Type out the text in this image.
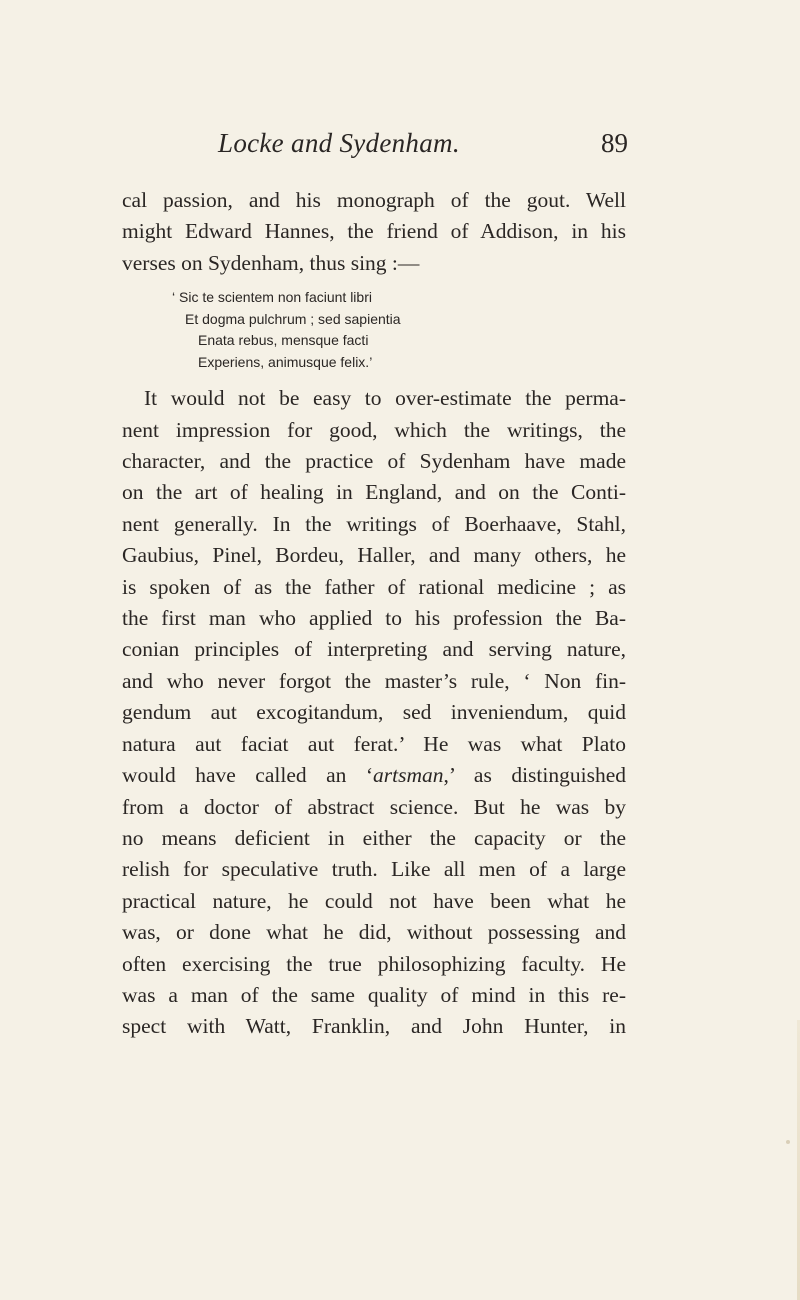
Locke and Sydenham.	89
cal passion, and his monograph of the gout. Well
might Edward Hannes, the friend of Addison, in his
verses on Sydenham, thus sing :—
‘ Sic te scientem non faciunt libri
Et dogma pulchrum ; sed sapientia
Enata rebus, mensque facti
Experiens, animusque felix.’
It would not be easy to over-estimate the perma-
nent impression for good, which the writings, the
character, and the practice of Sydenham have made
on the art of healing in England, and on the Conti-
nent generally. In the writings of Boerhaave, Stahl,
Gaubius, Pinel, Bordeu, Haller, and many others, he
is spoken of as the father of rational medicine ; as
the first man who applied to his profession the Ba-
conian principles of interpreting and serving nature,
and who never forgot the master’s rule, ‘ Non fin-
gendum aut excogitandum, sed inveniendum, quid
natura aut faciat aut ferat.’ He was what Plato
would have called an ‘artsman,’ as distinguished
from a doctor of abstract science. But he was by
no means deficient in either the capacity or the
relish for speculative truth. Like all men of a large
practical nature, he could not have been what he
was, or done what he did, without possessing and
often exercising the true philosophizing faculty. He
was a man of the same quality of mind in this re-
spect with Watt, Franklin, and John Hunter, in
